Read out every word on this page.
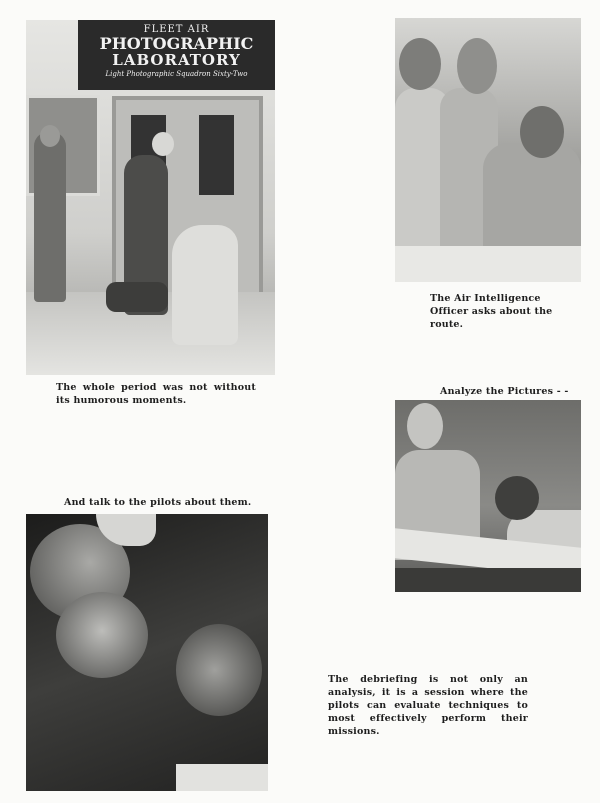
FLEET AIR
PHOTOGRAPHIC
LABORATORY
Light Photographic Squadron Sixty-Two
The whole period was not without its humorous moments.
The Air Intelligence Officer asks about the route.
Analyze the Pictures - -
And talk to the pilots about them.
The debriefing is not only an analysis, it is a session where the pilots can evaluate techniques to most effectively perform their missions.
